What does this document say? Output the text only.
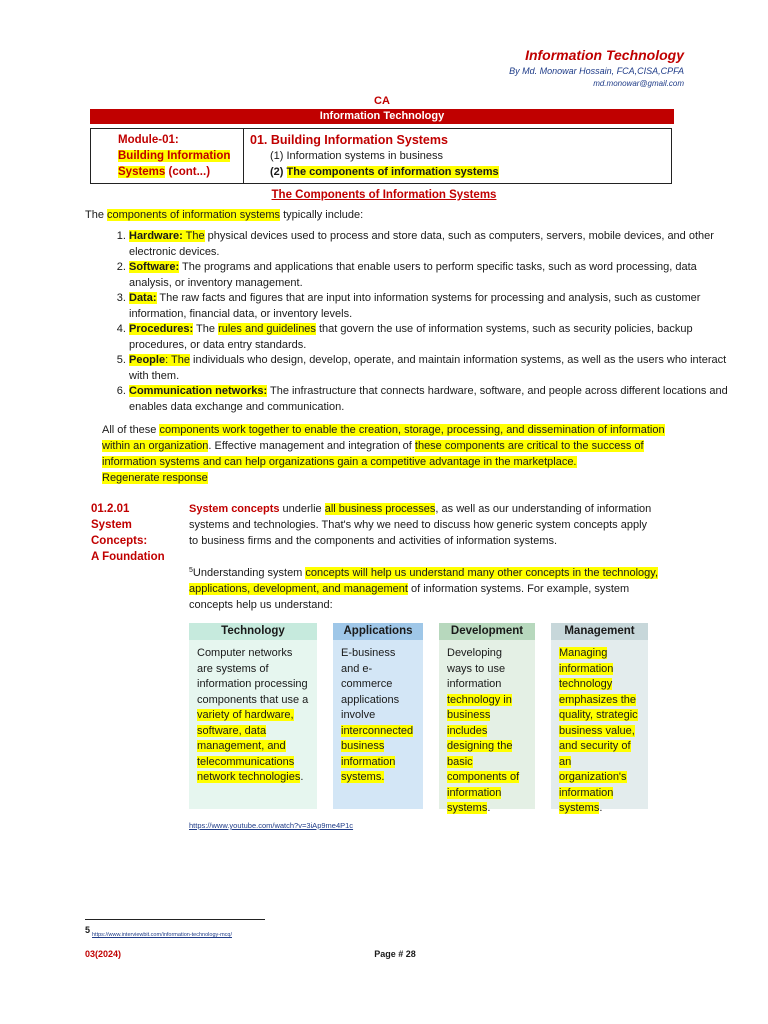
Information Technology
By Md. Monowar Hossain, FCA,CISA,CPFA
md.monowar@gmail.com
CA
Information Technology
Module-01:
Building Information
Systems (cont...)
01. Building Information Systems
(1) Information systems in business
(2) The components of information systems
The Components of Information Systems
The components of information systems typically include:
1. Hardware: The physical devices used to process and store data, such as computers, servers, mobile devices, and other electronic devices.
2. Software: The programs and applications that enable users to perform specific tasks, such as word processing, data analysis, or inventory management.
3. Data: The raw facts and figures that are input into information systems for processing and analysis, such as customer information, financial data, or inventory levels.
4. Procedures: The rules and guidelines that govern the use of information systems, such as security policies, backup procedures, or data entry standards.
5. People: The individuals who design, develop, operate, and maintain information systems, as well as the users who interact with them.
6. Communication networks: The infrastructure that connects hardware, software, and people across different locations and enables data exchange and communication.
All of these components work together to enable the creation, storage, processing, and dissemination of information within an organization. Effective management and integration of these components are critical to the success of information systems and can help organizations gain a competitive advantage in the marketplace.
Regenerate response
01.2.01
System
Concepts:
A Foundation
System concepts underlie all business processes, as well as our understanding of information systems and technologies. That's why we need to discuss how generic system concepts apply to business firms and the components and activities of information systems.
$^5$Understanding system concepts will help us understand many other concepts in the technology, applications, development, and management of information systems. For example, system concepts help us understand:
Technology
Computer networks are systems of information processing components that use a variety of hardware, software, data management, and telecommunications network technologies.
Applications
E-business and e-commerce applications involve interconnected business information systems.
Development
Developing ways to use information technology in business includes designing the basic components of information systems.
Management
Managing information technology emphasizes the quality, strategic business value, and security of an organization's information systems.
https://www.youtube.com/watch?v=3iAp9me4P1c
5 https://www.interviewbit.com/information-technology-mcq/
03(2024)	Page # 28
